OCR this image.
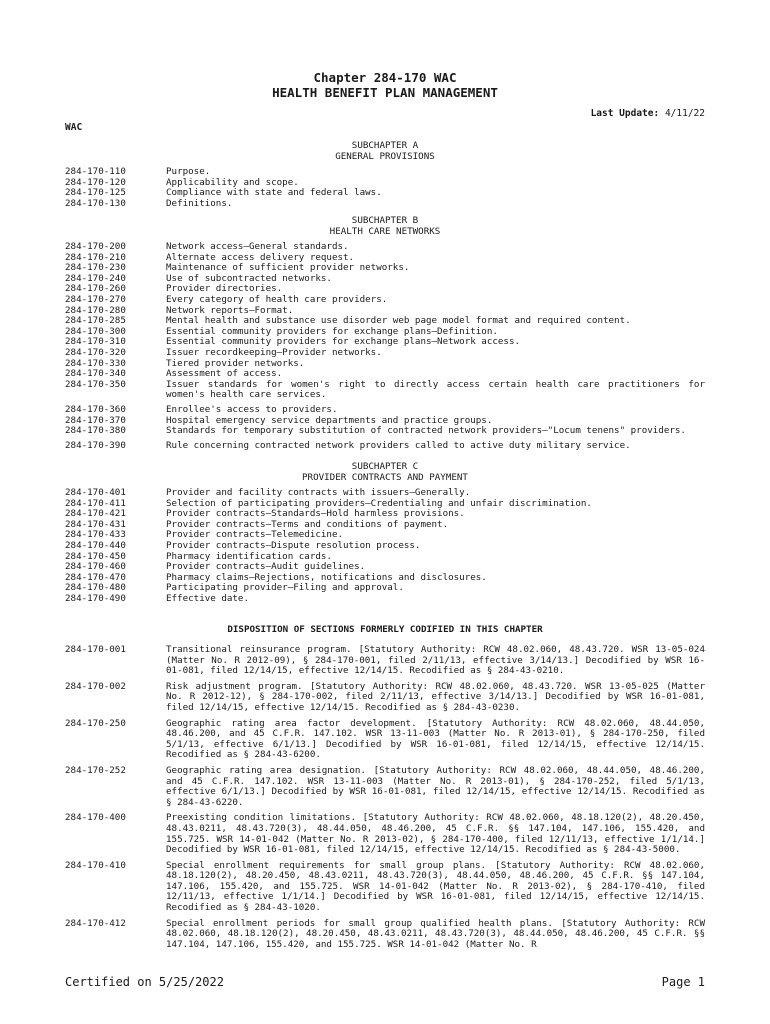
Chapter 284-170 WAC
HEALTH BENEFIT PLAN MANAGEMENT
Last Update: 4/11/22
WAC
SUBCHAPTER A
GENERAL PROVISIONS
284-170-110	Purpose.
284-170-120	Applicability and scope.
284-170-125	Compliance with state and federal laws.
284-170-130	Definitions.
SUBCHAPTER B
HEALTH CARE NETWORKS
284-170-200	Network access—General standards.
284-170-210	Alternate access delivery request.
284-170-230	Maintenance of sufficient provider networks.
284-170-240	Use of subcontracted networks.
284-170-260	Provider directories.
284-170-270	Every category of health care providers.
284-170-280	Network reports—Format.
284-170-285	Mental health and substance use disorder web page model format and required content.
284-170-300	Essential community providers for exchange plans—Definition.
284-170-310	Essential community providers for exchange plans—Network access.
284-170-320	Issuer recordkeeping—Provider networks.
284-170-330	Tiered provider networks.
284-170-340	Assessment of access.
284-170-350	Issuer standards for women's right to directly access certain health care practitioners for women's health care services.
284-170-360	Enrollee's access to providers.
284-170-370	Hospital emergency service departments and practice groups.
284-170-380	Standards for temporary substitution of contracted network providers—"Locum tenens" providers.
284-170-390	Rule concerning contracted network providers called to active duty military service.
SUBCHAPTER C
PROVIDER CONTRACTS AND PAYMENT
284-170-401	Provider and facility contracts with issuers—Generally.
284-170-411	Selection of participating providers—Credentialing and unfair discrimination.
284-170-421	Provider contracts—Standards—Hold harmless provisions.
284-170-431	Provider contracts—Terms and conditions of payment.
284-170-433	Provider contracts—Telemedicine.
284-170-440	Provider contracts—Dispute resolution process.
284-170-450	Pharmacy identification cards.
284-170-460	Provider contracts—Audit guidelines.
284-170-470	Pharmacy claims—Rejections, notifications and disclosures.
284-170-480	Participating provider—Filing and approval.
284-170-490	Effective date.
DISPOSITION OF SECTIONS FORMERLY CODIFIED IN THIS CHAPTER
284-170-001	Transitional reinsurance program. [Statutory Authority: RCW 48.02.060, 48.43.720. WSR 13-05-024 (Matter No. R 2012-09), § 284-170-001, filed 2/11/13, effective 3/14/13.] Decodified by WSR 16-01-081, filed 12/14/15, effective 12/14/15. Recodified as § 284-43-0210.
284-170-002	Risk adjustment program. [Statutory Authority: RCW 48.02.060, 48.43.720. WSR 13-05-025 (Matter No. R 2012-12), § 284-170-002, filed 2/11/13, effective 3/14/13.] Decodified by WSR 16-01-081, filed 12/14/15, effective 12/14/15. Recodified as § 284-43-0230.
284-170-250	Geographic rating area factor development. [Statutory Authority: RCW 48.02.060, 48.44.050, 48.46.200, and 45 C.F.R. 147.102. WSR 13-11-003 (Matter No. R 2013-01), § 284-170-250, filed 5/1/13, effective 6/1/13.] Decodified by WSR 16-01-081, filed 12/14/15, effective 12/14/15. Recodified as § 284-43-6200.
284-170-252	Geographic rating area designation. [Statutory Authority: RCW 48.02.060, 48.44.050, 48.46.200, and 45 C.F.R. 147.102. WSR 13-11-003 (Matter No. R 2013-01), § 284-170-252, filed 5/1/13, effective 6/1/13.] Decodified by WSR 16-01-081, filed 12/14/15, effective 12/14/15. Recodified as § 284-43-6220.
284-170-400	Preexisting condition limitations. [Statutory Authority: RCW 48.02.060, 48.18.120(2), 48.20.450, 48.43.0211, 48.43.720(3), 48.44.050, 48.46.200, 45 C.F.R. §§ 147.104, 147.106, 155.420, and 155.725. WSR 14-01-042 (Matter No. R 2013-02), § 284-170-400, filed 12/11/13, effective 1/1/14.] Decodified by WSR 16-01-081, filed 12/14/15, effective 12/14/15. Recodified as § 284-43-5000.
284-170-410	Special enrollment requirements for small group plans. [Statutory Authority: RCW 48.02.060, 48.18.120(2), 48.20.450, 48.43.0211, 48.43.720(3), 48.44.050, 48.46.200, 45 C.F.R. §§ 147.104, 147.106, 155.420, and 155.725. WSR 14-01-042 (Matter No. R 2013-02), § 284-170-410, filed 12/11/13, effective 1/1/14.] Decodified by WSR 16-01-081, filed 12/14/15, effective 12/14/15. Recodified as § 284-43-1020.
284-170-412	Special enrollment periods for small group qualified health plans. [Statutory Authority: RCW 48.02.060, 48.18.120(2), 48.20.450, 48.43.0211, 48.43.720(3), 48.44.050, 48.46.200, 45 C.F.R. §§ 147.104, 147.106, 155.420, and 155.725. WSR 14-01-042 (Matter No. R
Certified on 5/25/2022	Page 1
